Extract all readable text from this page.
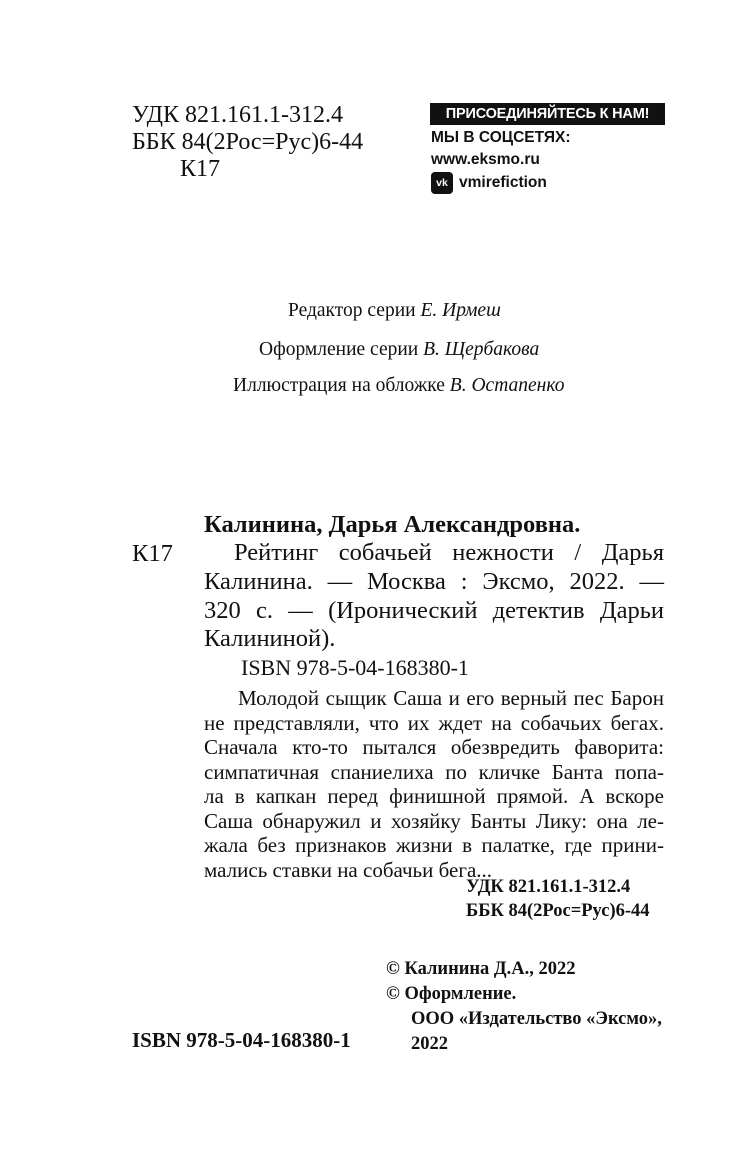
УДК 821.161.1-312.4
ББК 84(2Рос=Рус)6-44
К17
ПРИСОЕДИНЯЙТЕСЬ К НАМ!
МЫ В СОЦСЕТЯХ:
www.eksmo.ru
vk vmirefiction
Редактор серии Е. Ирмеш
Оформление серии В. Щербакова
Иллюстрация на обложке В. Остапенко
Калинина, Дарья Александровна.
К17	Рейтинг собачьей нежности / Дарья
Калинина. — Москва : Эксмо, 2022. —
320 с. — (Иронический детектив Дарьи
Калининой).
ISBN 978-5-04-168380-1
Молодой сыщик Саша и его верный пес Барон
не представляли, что их ждет на собачьих бегах.
Сначала кто-то пытался обезвредить фаворита:
симпатичная спаниелиха по кличке Банта попа-
ла в капкан перед финишной прямой. А вскоре
Саша обнаружил и хозяйку Банты Лику: она ле-
жала без признаков жизни в палатке, где прини-
мались ставки на собачьи бега...
УДК 821.161.1-312.4
ББК 84(2Рос=Рус)6-44
© Калинина Д.А., 2022
© Оформление.
ООО «Издательство «Эксмо»,
2022
ISBN 978-5-04-168380-1
